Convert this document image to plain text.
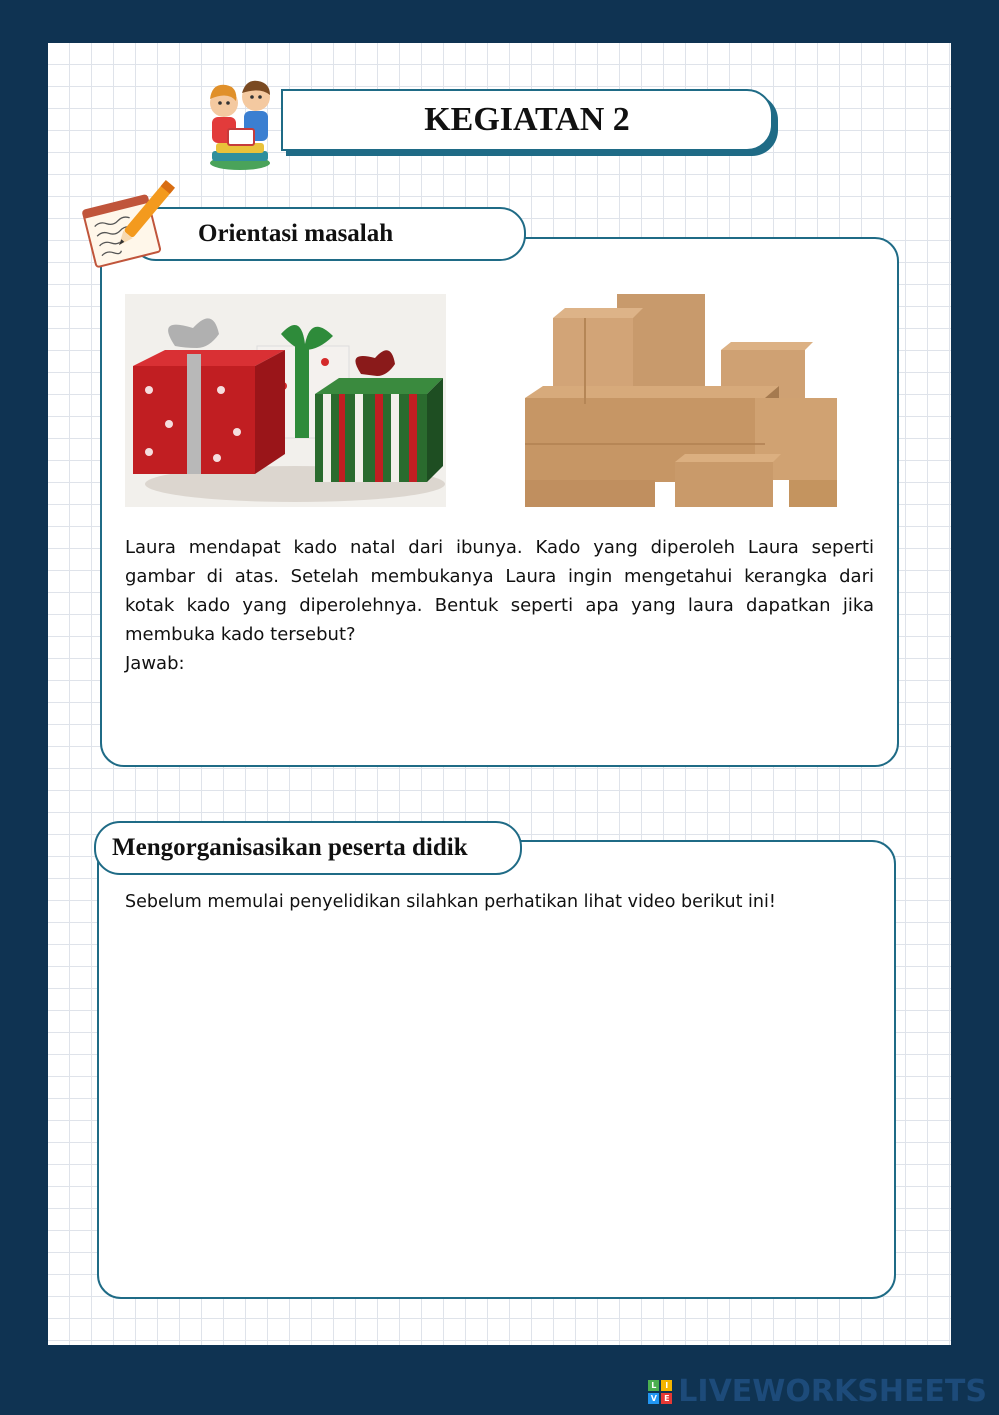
KEGIATAN 2
Orientasi masalah
Laura mendapat kado natal dari ibunya. Kado yang diperoleh Laura seperti gambar di atas. Setelah membukanya Laura ingin mengetahui kerangka dari kotak kado yang diperolehnya. Bentuk seperti apa yang laura dapatkan jika membuka kado tersebut?
Jawab:
Mengorganisasikan peserta didik
Sebelum memulai penyelidikan silahkan perhatikan lihat video berikut ini!
L	I
V E LIVEWORKSHEETS
